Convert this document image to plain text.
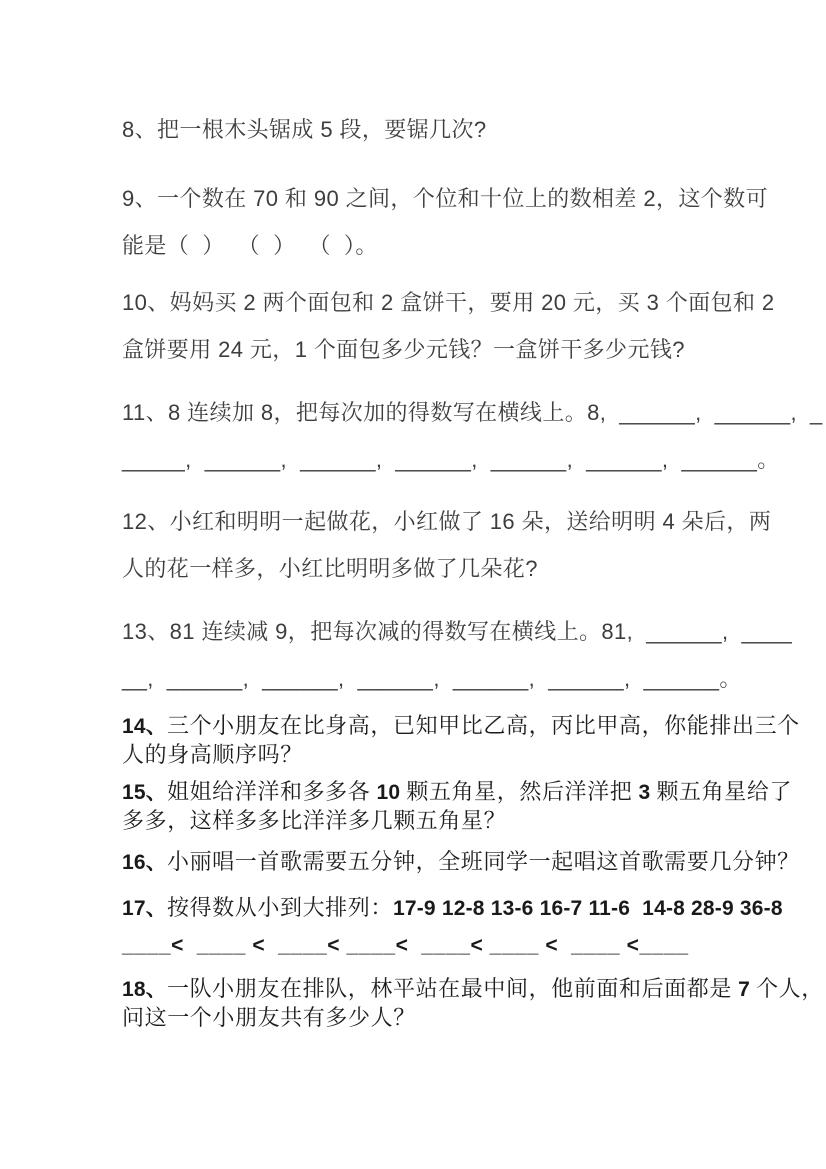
8、把一根木头锯成 5 段，要锯几次?

9、一个数在 70 和 90 之间，个位和十位上的数相差 2，这个数可
能是（  ）  （  ）  （  ）。

10、妈妈买 2 两个面包和 2 盒饼干，要用 20 元，买 3 个面包和 2
盒饼要用 24 元，1 个面包多少元钱？一盒饼干多少元钱?

11、8 连续加 8，把每次加的得数写在横线上。8,  ______,  ______,  _
_____,  ______,  ______,  ______,  ______,  ______,  ______。

12、小红和明明一起做花，小红做了 16 朵，送给明明 4 朵后，两
人的花一样多，小红比明明多做了几朵花?

13、81 连续减 9，把每次减的得数写在横线上。81,  ______,  ____
__,  ______,  ______,  ______,  ______,  ______,  ______。

14、三个小朋友在比身高，已知甲比乙高，丙比甲高，你能排出三个
人的身高顺序吗？

15、姐姐给洋洋和多多各 10 颗五角星，然后洋洋把 3 颗五角星给了
多多，这样多多比洋洋多几颗五角星？

16、小丽唱一首歌需要五分钟，全班同学一起唱这首歌需要几分钟？

17、按得数从小到大排列：17-9 12-8 13-6 16-7 11-6  14-8 28-9 36-8
____<  ____ <  ____< ____<  ____< ____ <  ____ <____

18、一队小朋友在排队，林平站在最中间，他前面和后面都是 7 个人，
问这一个小朋友共有多少人？
